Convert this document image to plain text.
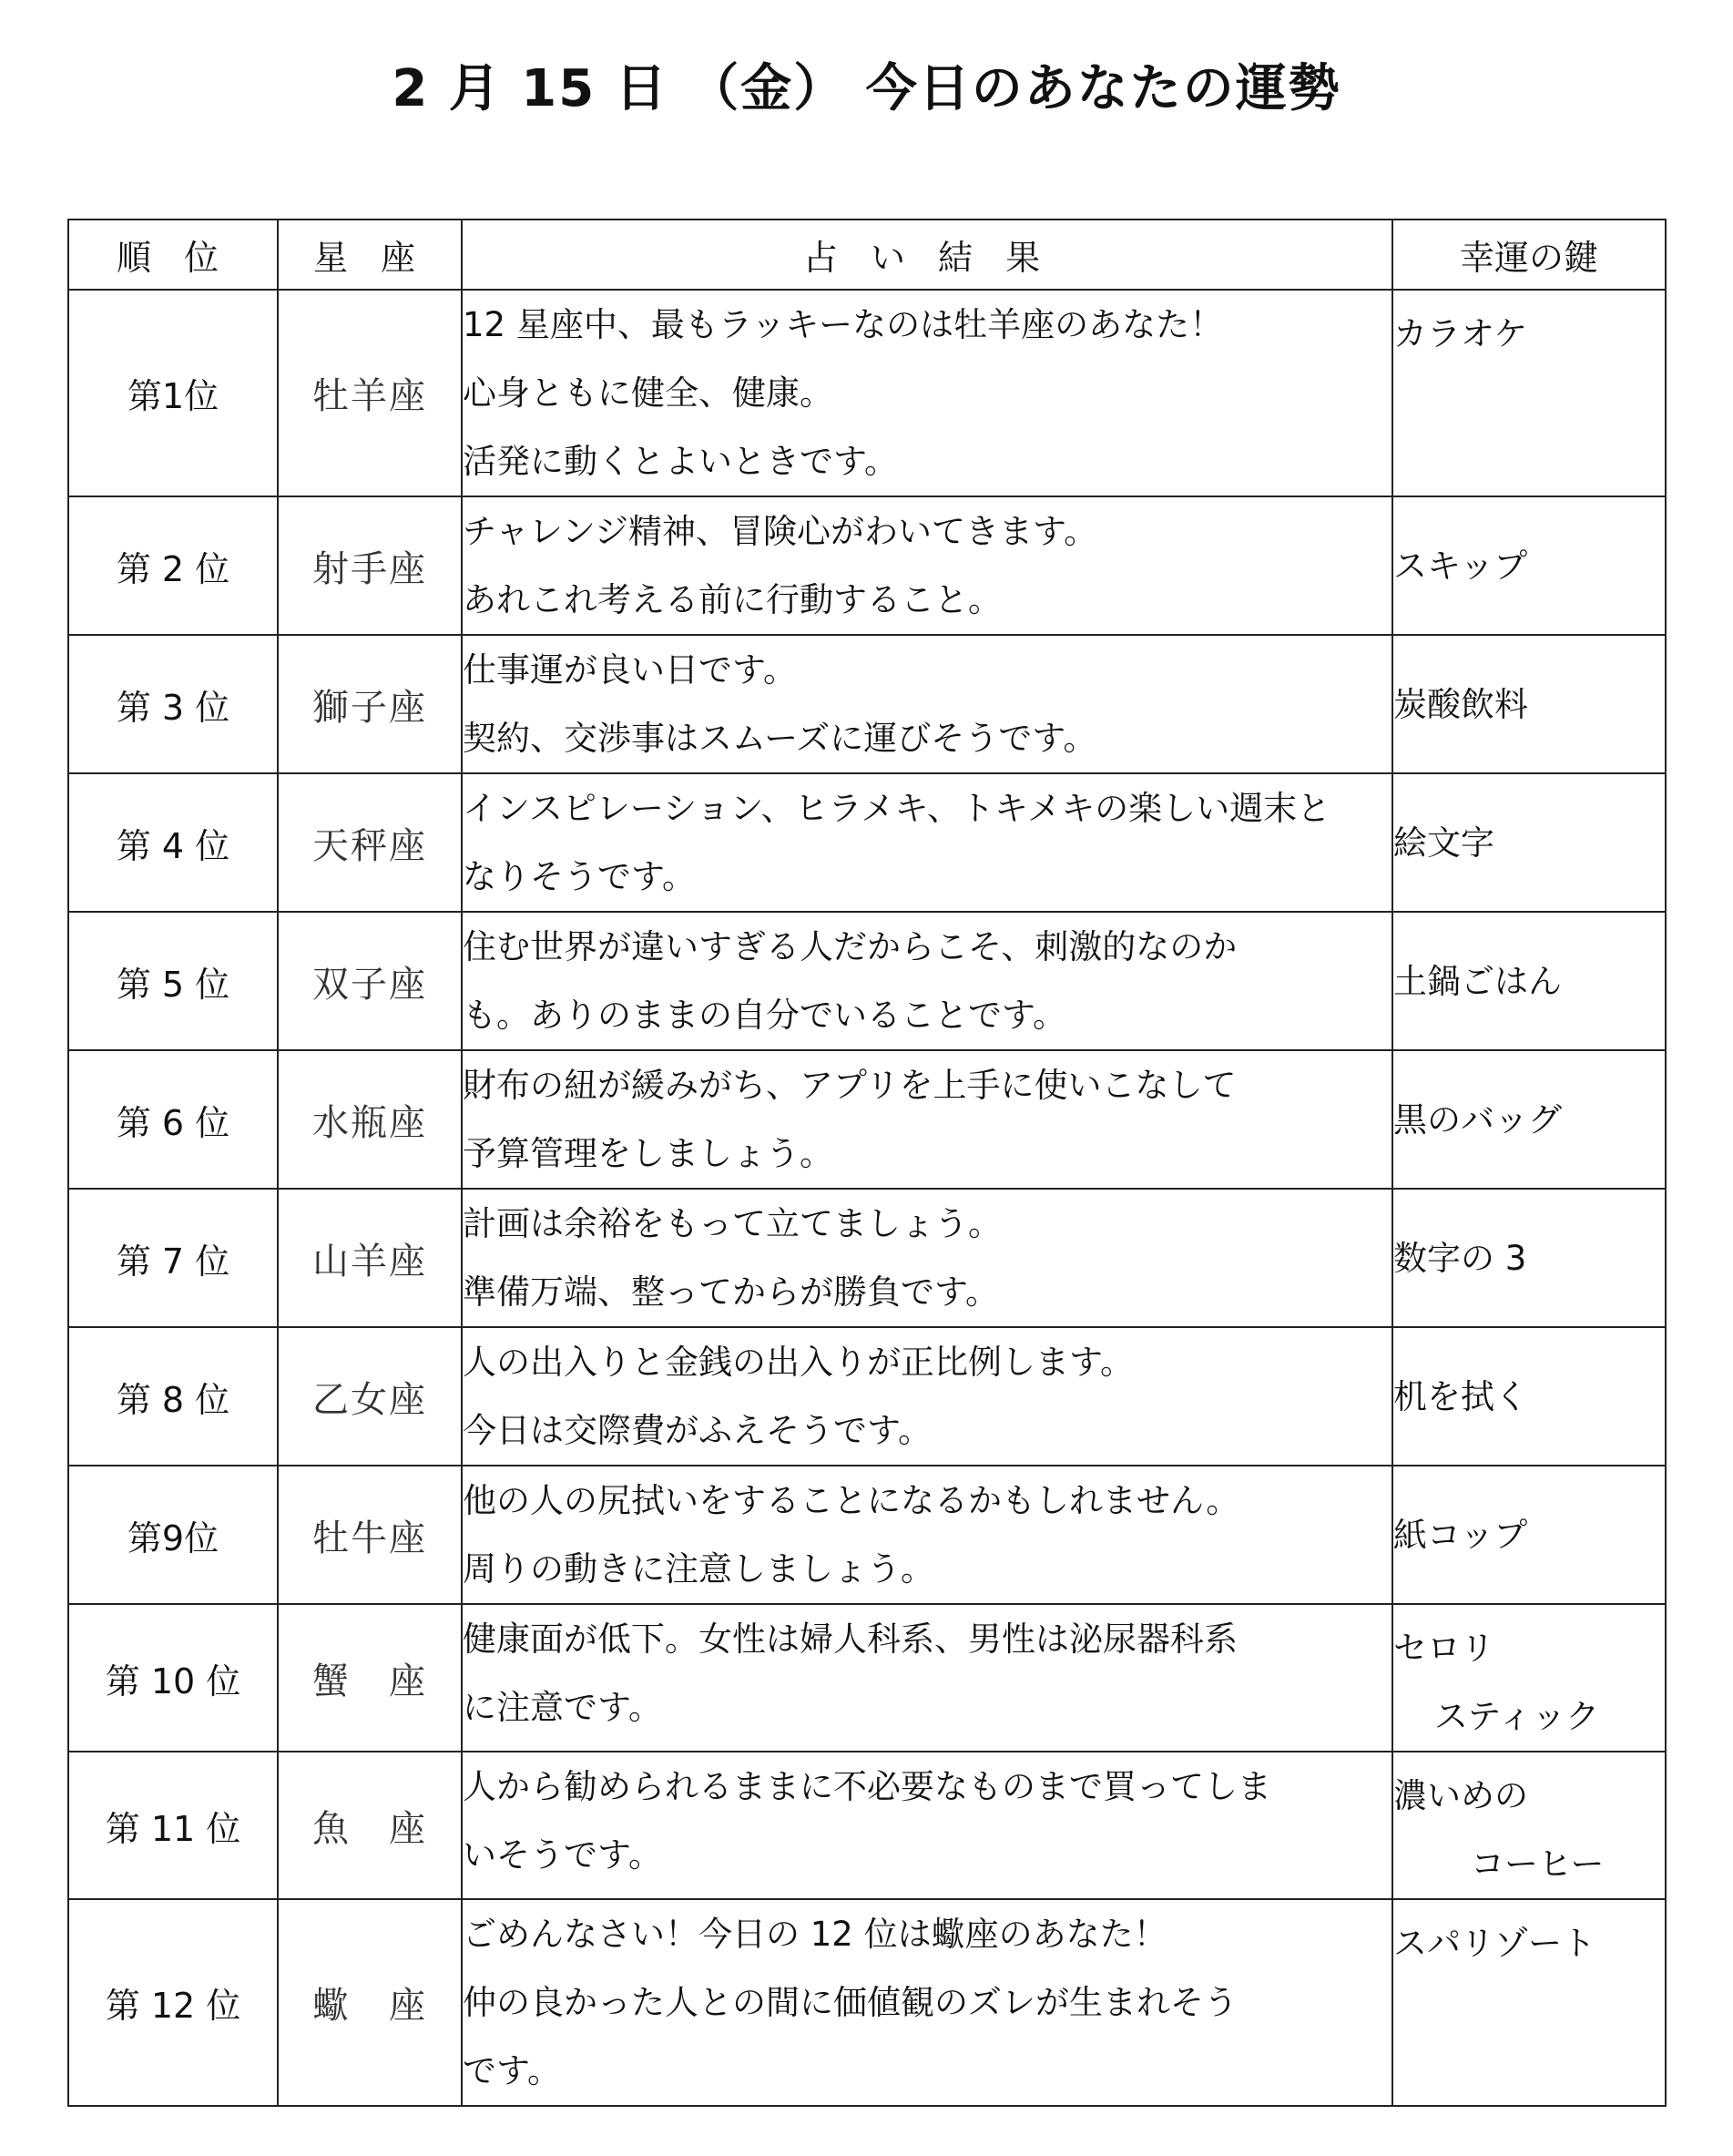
2 月 15 日 （金） 今日のあなたの運勢
順 位	星 座	占 い 結 果	幸運の鍵
第1位	牡羊座	12 星座中、最もラッキーなのは牡羊座のあなた！
心身ともに健全、健康。
活発に動くとよいときです。	カラオケ

第 2 位	射手座	チャレンジ精神、冒険心がわいてきます。
あれこれ考える前に行動すること。	スキップ

第 3 位	獅子座	仕事運が良い日です。
契約、交渉事はスムーズに運びそうです。	炭酸飲料

第 4 位	天秤座	インスピレーション、ヒラメキ、トキメキの楽しい週末と
なりそうです。	絵文字

第 5 位	双子座	住む世界が違いすぎる人だからこそ、刺激的なのか
も。ありのままの自分でいることです。	土鍋ごはん

第 6 位	水瓶座	財布の紐が緩みがち、アプリを上手に使いこなして
予算管理をしましょう。	黒のバッグ

第 7 位	山羊座	計画は余裕をもって立てましょう。
準備万端、整ってからが勝負です。	数字の 3

第 8 位	乙女座	人の出入りと金銭の出入りが正比例します。
今日は交際費がふえそうです。	机を拭く

第9位	牡牛座	他の人の尻拭いをすることになるかもしれません。
周りの動きに注意しましょう。	紙コップ

第 10 位	蟹　座	健康面が低下。女性は婦人科系、男性は泌尿器科系
に注意です。	セロリ
スティック

第 11 位	魚　座	人から勧められるままに不必要なものまで買ってしま
いそうです。	濃いめの
コーヒー

第 12 位	蠍　座	ごめんなさい！今日の 12 位は蠍座のあなた！
仲の良かった人との間に価値観のズレが生まれそう
です。	スパリゾート
